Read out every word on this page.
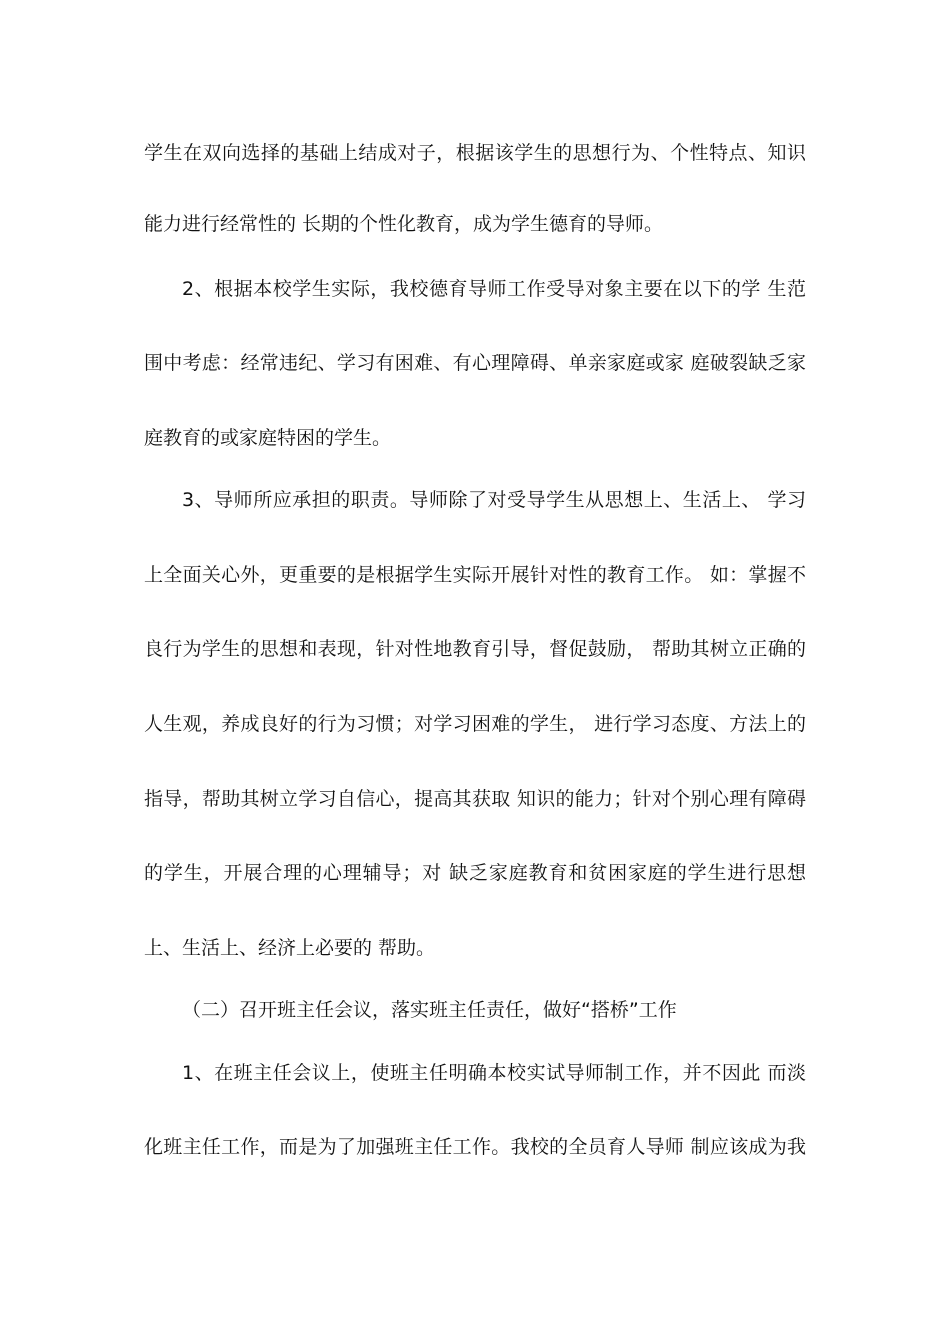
学生在双向选择的基础上结成对子，根据该学生的思想行为、个性特点、知识
能力进行经常性的 长期的个性化教育，成为学生德育的导师。
2、根据本校学生实际，我校德育导师工作受导对象主要在以下的学 生范
围中考虑：经常违纪、学习有困难、有心理障碍、单亲家庭或家 庭破裂缺乏家
庭教育的或家庭特困的学生。
3、导师所应承担的职责。导师除了对受导学生从思想上、生活上、 学习
上全面关心外，更重要的是根据学生实际开展针对性的教育工作。 如：掌握不
良行为学生的思想和表现，针对性地教育引导，督促鼓励， 帮助其树立正确的
人生观，养成良好的行为习惯；对学习困难的学生， 进行学习态度、方法上的
指导，帮助其树立学习自信心，提高其获取 知识的能力；针对个别心理有障碍
的学生，开展合理的心理辅导；对 缺乏家庭教育和贫困家庭的学生进行思想
上、生活上、经济上必要的 帮助。
（二）召开班主任会议，落实班主任责任，做好“搭桥”工作
1、在班主任会议上，使班主任明确本校实试导师制工作，并不因此 而淡
化班主任工作，而是为了加强班主任工作。我校的全员育人导师 制应该成为我
